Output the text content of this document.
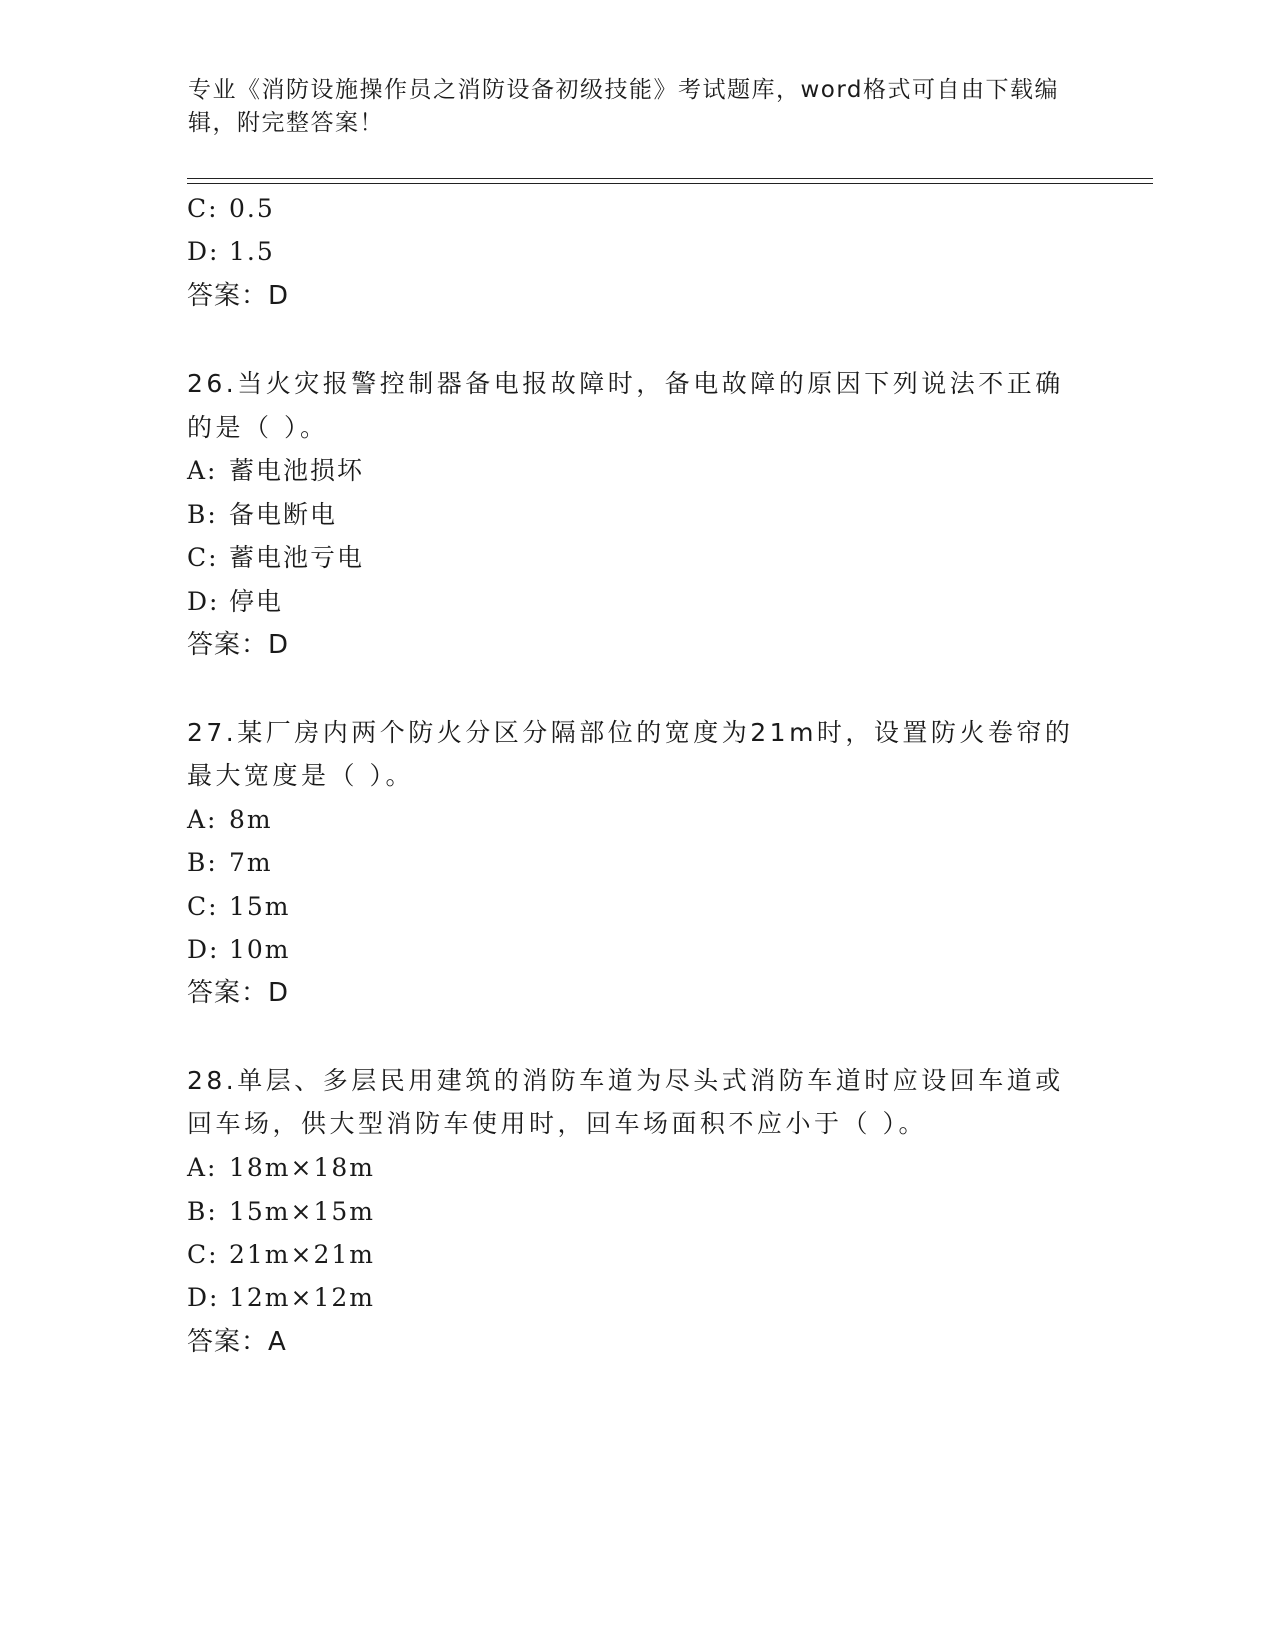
专业《消防设施操作员之消防设备初级技能》考试题库，word格式可自由下载编
辑，附完整答案！
C: 0.5
D: 1.5
答案：D
26.当火灾报警控制器备电报故障时，备电故障的原因下列说法不正确
的是（ ）。
A: 蓄电池损坏
B: 备电断电
C: 蓄电池亏电
D: 停电
答案：D
27.某厂房内两个防火分区分隔部位的宽度为21m时，设置防火卷帘的
最大宽度是（ ）。
A: 8m
B: 7m
C: 15m
D: 10m
答案：D
28.单层、多层民用建筑的消防车道为尽头式消防车道时应设回车道或
回车场，供大型消防车使用时，回车场面积不应小于（ ）。
A: 18m×18m
B: 15m×15m
C: 21m×21m
D: 12m×12m
答案：A
